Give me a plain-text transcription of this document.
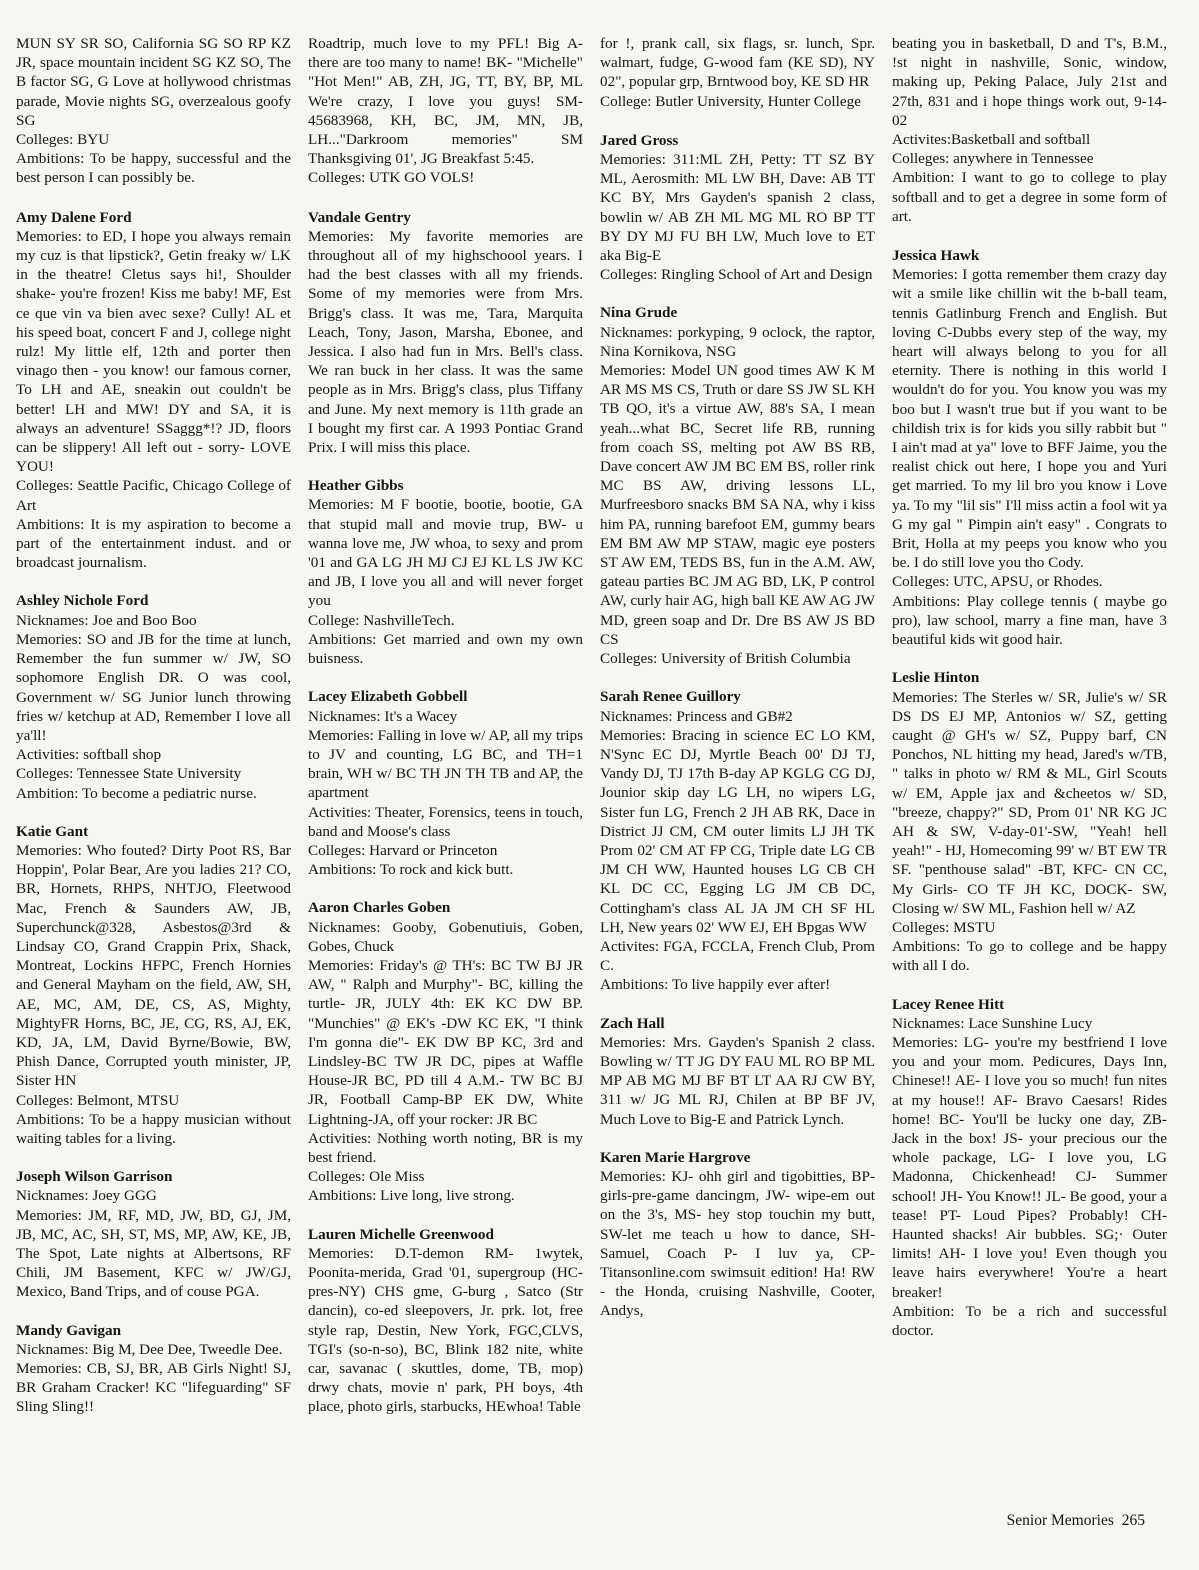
MUN SY SR SO, California SG SO RP KZ JR, space mountain incident SG KZ SO, The B factor SG, G Love at hollywood christmas parade, Movie nights SG, overzealous goofy SG

Colleges: BYU

Ambitions: To be happy, successful and the best person I can possibly be.

Amy Dalene Ford

Memories: to ED, I hope you always remain my cuz is that lipstick?, Getin freaky w/ LK in the theatre! Cletus says hi!, Shoulder shake- you're frozen! Kiss me baby! MF, Est ce que vin va bien avec sexe? Cully! AL et his speed boat, concert F and J, college night rulz! My little elf, 12th and porter then vinago then - you know! our famous corner, To LH and AE, sneakin out couldn't be better! LH and MW! DY and SA, it is always an adventure! SSaggg*!? JD, floors can be slippery! All left out - sorry- LOVE YOU!

Colleges: Seattle Pacific, Chicago College of Art

Ambitions: It is my aspiration to become a part of the entertainment indust. and or broadcast journalism.

Ashley Nichole Ford

Nicknames: Joe and Boo Boo

Memories: SO and JB for the time at lunch, Remember the fun summer w/ JW, SO sophomore English DR. O was cool, Government w/ SG Junior lunch throwing fries w/ ketchup at AD, Remember I love all ya'll!

Activities: softball shop

Colleges: Tennessee State University

Ambition: To become a pediatric nurse.

Katie Gant

Memories: Who fouted? Dirty Poot RS, Bar Hoppin', Polar Bear, Are you ladies 21? CO, BR, Hornets, RHPS, NHTJO, Fleetwood Mac, French & Saunders AW, JB, Superchunck@328, Asbestos@3rd & Lindsay CO, Grand Crappin Prix, Shack, Montreat, Lockins HFPC, French Hornies and General Mayham on the field, AW, SH, AE, MC, AM, DE, CS, AS, Mighty, MightyFR Horns, BC, JE, CG, RS, AJ, EK, KD, JA, LM, David Byrne/Bowie, BW, Phish Dance, Corrupted youth minister, JP, Sister HN

Colleges: Belmont, MTSU

Ambitions: To be a happy musician without waiting tables for a living.

Joseph Wilson Garrison

Nicknames: Joey GGG

Memories: JM, RF, MD, JW, BD, GJ, JM, JB, MC, AC, SH, ST, MS, MP, AW, KE, JB, The Spot, Late nights at Albertsons, RF Chili, JM Basement, KFC w/ JW/GJ, Mexico, Band Trips, and of couse PGA.

Mandy Gavigan

Nicknames: Big M, Dee Dee, Tweedle Dee.

Memories: CB, SJ, BR, AB Girls Night! SJ, BR Graham Cracker! KC "lifeguarding" SF Sling Sling!!

Roadtrip, much love to my PFL! Big A- there are too many to name! BK- "Michelle" "Hot Men!" AB, ZH, JG, TT, BY, BP, ML We're crazy, I love you guys! SM- 45683968, KH, BC, JM, MN, JB, LH..."Darkroom memories" SM Thanksgiving 01', JG Breakfast 5:45.

Colleges: UTK GO VOLS!

Vandale Gentry

Memories: My favorite memories are throughout all of my highschoool years. I had the best classes with all my friends. Some of my memories were from Mrs. Brigg's class. It was me, Tara, Marquita Leach, Tony, Jason, Marsha, Ebonee, and Jessica. I also had fun in Mrs. Bell's class. We ran buck in her class. It was the same people as in Mrs. Brigg's class, plus Tiffany and June. My next memory is 11th grade an I bought my first car. A 1993 Pontiac Grand Prix. I will miss this place.

Heather Gibbs

Memories: M F bootie, bootie, bootie, GA that stupid mall and movie trup, BW- u wanna love me, JW whoa, to sexy and prom '01 and GA LG JH MJ CJ EJ KL LS JW KC and JB, I love you all and will never forget you

College: NashvilleTech.

Ambitions: Get married and own my own buisness.

Lacey Elizabeth Gobbell

Nicknames: It's a Wacey

Memories: Falling in love w/ AP, all my trips to JV and counting, LG BC, and TH=1 brain, WH w/ BC TH JN TH TB and AP, the apartment

Activities: Theater, Forensics, teens in touch, band and Moose's class

Colleges: Harvard or Princeton

Ambitions: To rock and kick butt.

Aaron Charles Goben

Nicknames: Gooby, Gobenutiuis, Goben, Gobes, Chuck

Memories: Friday's @ TH's: BC TW BJ JR AW, " Ralph and Murphy"- BC, killing the turtle- JR, JULY 4th: EK KC DW BP. "Munchies" @ EK's -DW KC EK, "I think I'm gonna die"- EK DW BP KC, 3rd and Lindsley-BC TW JR DC, pipes at Waffle House-JR BC, PD till 4 A.M.- TW BC BJ JR, Football Camp-BP EK DW, White Lightning-JA, off your rocker: JR BC

Activities: Nothing worth noting, BR is my best friend.

Colleges: Ole Miss

Ambitions: Live long, live strong.

Lauren Michelle Greenwood

Memories: D.T-demon RM- 1wytek, Poonita-merida, Grad '01, supergroup (HC-pres-NY) CHS gme, G-burg , Satco (Str dancin), co-ed sleepovers, Jr. prk. lot, free style rap, Destin, New York, FGC,CLVS, TGI's (so-n-so), BC, Blink 182 nite, white car, savanac ( skuttles, dome, TB, mop) drwy chats, movie n' park, PH boys, 4th place, photo girls, starbucks, HEwhoa! Table

for !, prank call, six flags, sr. lunch, Spr. walmart, fudge, G-wood fam (KE SD), NY 02", popular grp, Brntwood boy, KE SD HR

College: Butler University, Hunter College

Jared Gross

Memories: 311:ML ZH, Petty: TT SZ BY ML, Aerosmith: ML LW BH, Dave: AB TT KC BY, Mrs Gayden's spanish 2 class, bowlin w/ AB ZH ML MG ML RO BP TT BY DY MJ FU BH LW, Much love to ET aka Big-E

Colleges: Ringling School of Art and Design

Nina Grude

Nicknames: porkyping, 9 oclock, the raptor, Nina Kornikova, NSG

Memories: Model UN good times AW K M AR MS MS CS, Truth or dare SS JW SL KH TB QO, it's a virtue AW, 88's SA, I mean yeah...what BC, Secret life RB, running from coach SS, melting pot AW BS RB, Dave concert AW JM BC EM BS, roller rink MC BS AW, driving lessons LL, Murfreesboro snacks BM SA NA, why i kiss him PA, running barefoot EM, gummy bears EM BM AW MP STAW, magic eye posters ST AW EM, TEDS BS, fun in the A.M. AW, gateau parties BC JM AG BD, LK, P control AW, curly hair AG, high ball KE AW AG JW MD, green soap and Dr. Dre BS AW JS BD CS

Colleges: University of British Columbia

Sarah Renee Guillory

Nicknames: Princess and GB#2

Memories: Bracing in science EC LO KM, N'Sync EC DJ, Myrtle Beach 00' DJ TJ, Vandy DJ, TJ 17th B-day AP KGLG CG DJ, Jounior skip day LG LH, no wipers LG, Sister fun LG, French 2 JH AB RK, Dace in District JJ CM, CM outer limits LJ JH TK Prom 02' CM AT FP CG, Triple date LG CB JM CH WW, Haunted houses LG CB CH KL DC CC, Egging LG JM CB DC, Cottingham's class AL JA JM CH SF HL LH, New years 02' WW EJ, EH Bpgas WW

Activites: FGA, FCCLA, French Club, Prom C.

Ambitions: To live happily ever after!

Zach Hall

Memories: Mrs. Gayden's Spanish 2 class. Bowling w/ TT JG DY FAU ML RO BP ML MP AB MG MJ BF BT LT AA RJ CW BY, 311 w/ JG ML RJ, Chilen at BP BF JV, Much Love to Big-E and Patrick Lynch.

Karen Marie Hargrove

Memories: KJ- ohh girl and tigobitties, BP- girls-pre-game dancingm, JW- wipe-em out on the 3's, MS- hey stop touchin my butt, SW-let me teach u how to dance, SH-Samuel, Coach P- I luv ya, CP- Titansonline.com swimsuit edition! Ha! RW - the Honda, cruising Nashville, Cooter, Andys,

beating you in basketball, D and T's, B.M., !st night in nashville, Sonic, window, making up, Peking Palace, July 21st and 27th, 831 and i hope things work out, 9-14-02

Activites:Basketball and softball

Colleges: anywhere in Tennessee

Ambition: I want to go to college to play softball and to get a degree in some form of art.

Jessica Hawk

Memories: I gotta remember them crazy day wit a smile like chillin wit the b-ball team, tennis Gatlinburg French and English. But loving C-Dubbs every step of the way, my heart will always belong to you for all eternity. There is nothing in this world I wouldn't do for you. You know you was my boo but I wasn't true but if you want to be childish trix is for kids you silly rabbit but " I ain't mad at ya" love to BFF Jaime, you the realist chick out here, I hope you and Yuri get married. To my lil bro you know i Love ya. To my "lil sis" I'll miss actin a fool wit ya G my gal " Pimpin ain't easy" . Congrats to Brit, Holla at my peeps you know who you be. I do still love you tho Cody.

Colleges: UTC, APSU, or Rhodes.

Ambitions: Play college tennis ( maybe go pro), law school, marry a fine man, have 3 beautiful kids wit good hair.

Leslie Hinton

Memories: The Sterles w/ SR, Julie's w/ SR DS DS EJ MP, Antonios w/ SZ, getting caught @ GH's w/ SZ, Puppy barf, CN Ponchos, NL hitting my head, Jared's w/TB, " talks in photo w/ RM & ML, Girl Scouts w/ EM, Apple jax and &cheetos w/ SD, "breeze, chappy?" SD, Prom 01' NR KG JC AH & SW, V-day-01'-SW, "Yeah! hell yeah!" - HJ, Homecoming 99' w/ BT EW TR SF. "penthouse salad" -BT, KFC- CN CC, My Girls- CO TF JH KC, DOCK- SW, Closing w/ SW ML, Fashion hell w/ AZ

Colleges: MSTU

Ambitions: To go to college and be happy with all I do.

Lacey Renee Hitt

Nicknames: Lace Sunshine Lucy

Memories: LG- you're my bestfriend I love you and your mom. Pedicures, Days Inn, Chinese!! AE- I love you so much! fun nites at my house!! AF- Bravo Caesars! Rides home! BC- You'll be lucky one day, ZB- Jack in the box! JS- your precious our the whole package, LG- I love you, LG Madonna, Chickenhead! CJ- Summer school! JH- You Know!! JL- Be good, your a tease! PT- Loud Pipes? Probably! CH- Haunted shacks! Air bubbles. SG;· Outer limits! AH- I love you! Even though you leave hairs everywhere! You're a heart breaker!

Ambition: To be a rich and successful doctor.

Senior Memories 265
